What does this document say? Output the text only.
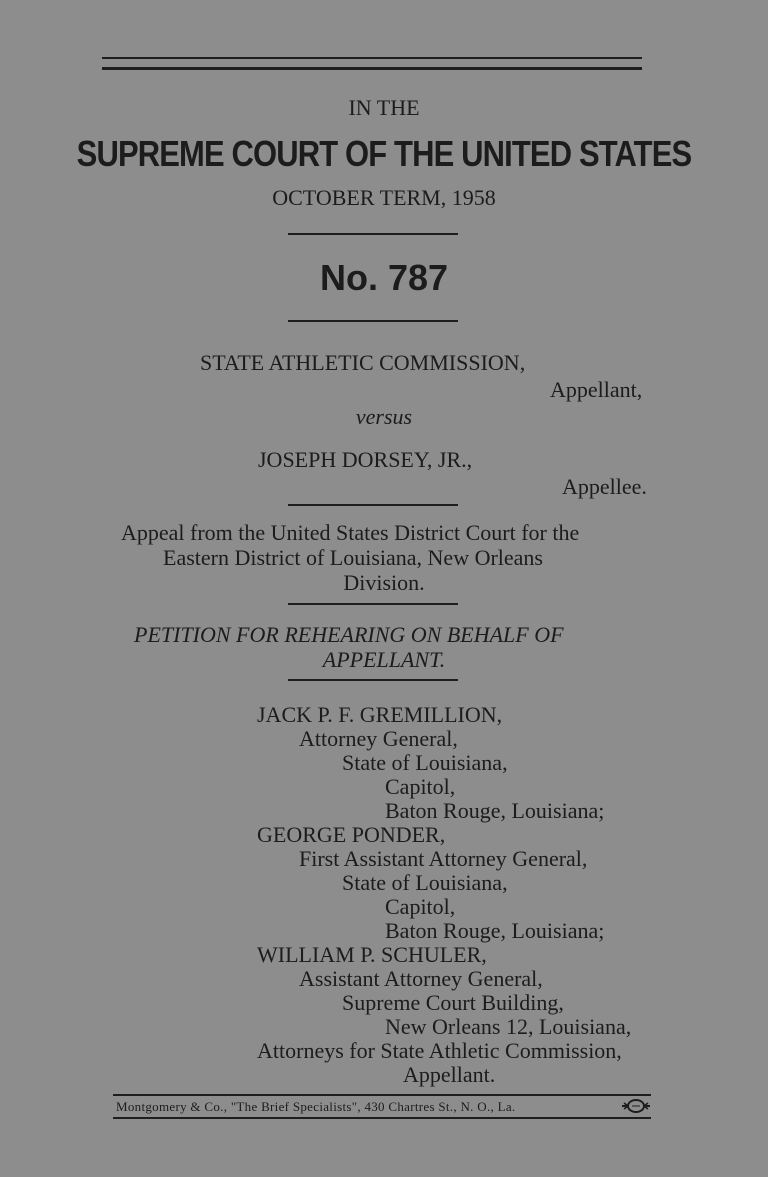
IN THE
SUPREME COURT OF THE UNITED STATES
OCTOBER TERM, 1958
No. 787
STATE ATHLETIC COMMISSION,
Appellant,
versus
JOSEPH DORSEY, JR.,
Appellee.
Appeal from the United States District Court for the
Eastern District of Louisiana, New Orleans
Division.
PETITION FOR REHEARING ON BEHALF OF
APPELLANT.
JACK P. F. GREMILLION,
Attorney General,
State of Louisiana,
Capitol,
Baton Rouge, Louisiana;
GEORGE PONDER,
First Assistant Attorney General,
State of Louisiana,
Capitol,
Baton Rouge, Louisiana;
WILLIAM P. SCHULER,
Assistant Attorney General,
Supreme Court Building,
New Orleans 12, Louisiana,
Attorneys for State Athletic Commission,
Appellant.
Montgomery & Co., "The Brief Specialists", 430 Chartres St., N. O., La.
